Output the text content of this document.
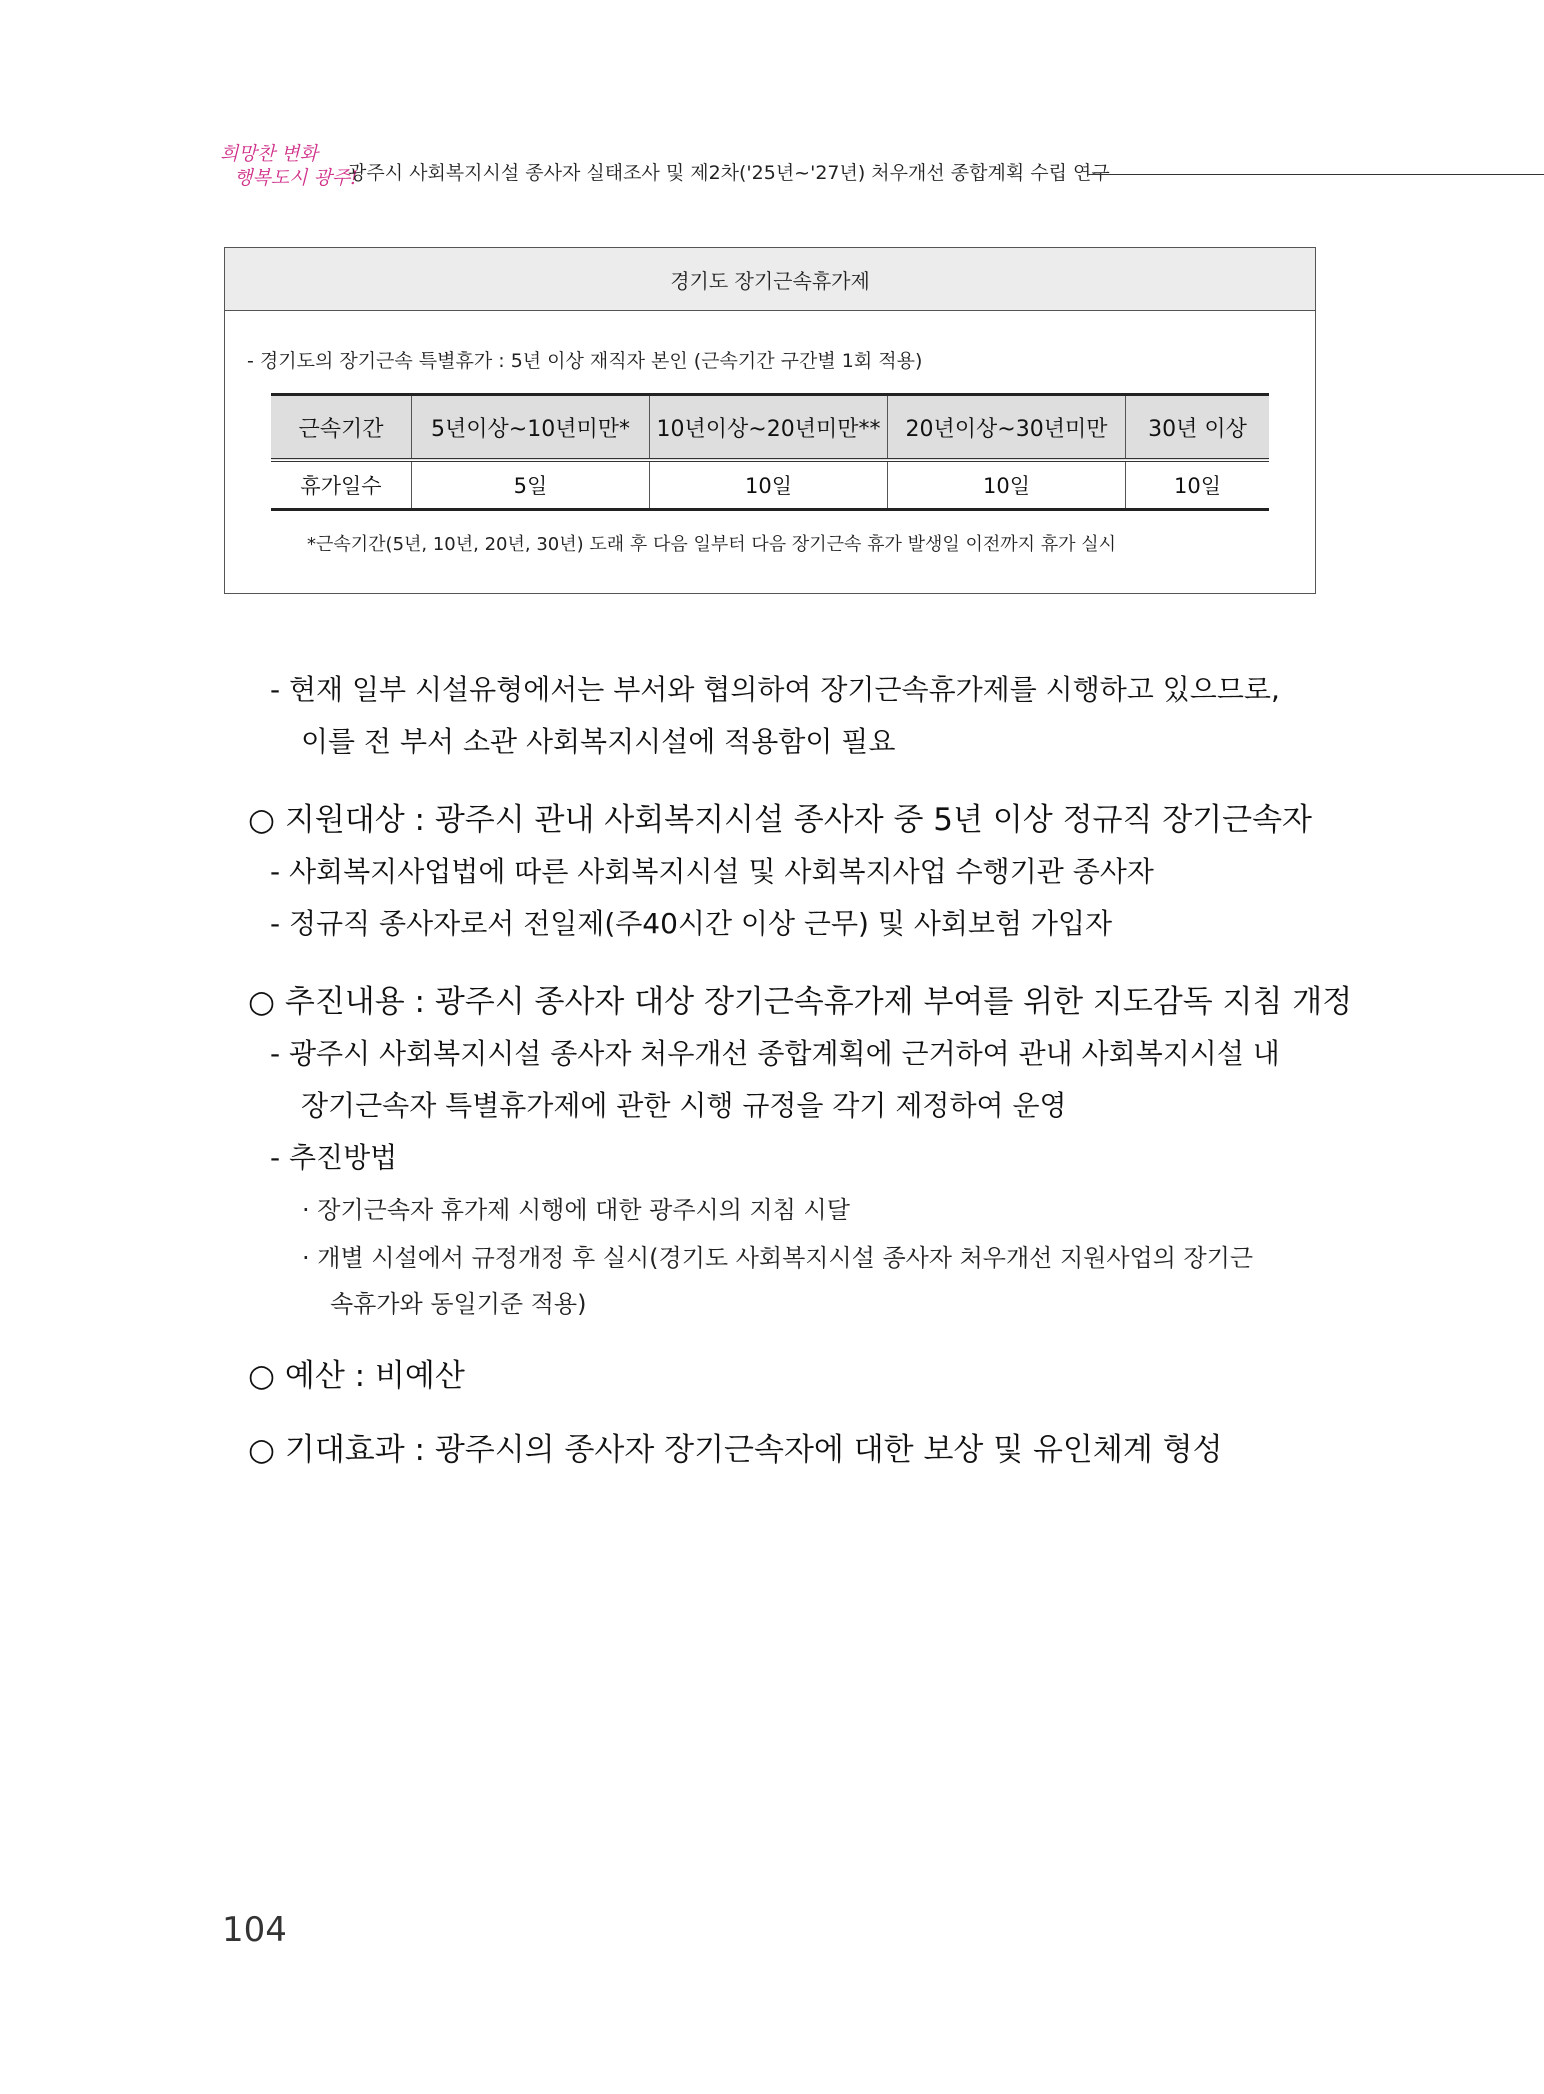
희망찬 변화
행복도시 광주!
광주시 사회복지시설 종사자 실태조사 및 제2차('25년~'27년) 처우개선 종합계획 수립 연구
경기도 장기근속휴가제
- 경기도의 장기근속 특별휴가 : 5년 이상 재직자 본인 (근속기간 구간별 1회 적용)
근속기간	5년이상~10년미만*	10년이상~20년미만**	20년이상~30년미만	30년 이상
휴가일수	5일	10일	10일	10일
*근속기간(5년, 10년, 20년, 30년) 도래 후 다음 일부터 다음 장기근속 휴가 발생일 이전까지 휴가 실시
- 현재 일부 시설유형에서는 부서와 협의하여 장기근속휴가제를 시행하고 있으므로,
이를 전 부서 소관 사회복지시설에 적용함이 필요
○ 지원대상 : 광주시 관내 사회복지시설 종사자 중 5년 이상 정규직 장기근속자
- 사회복지사업법에 따른 사회복지시설 및 사회복지사업 수행기관 종사자
- 정규직 종사자로서 전일제(주40시간 이상 근무) 및 사회보험 가입자
○ 추진내용 : 광주시 종사자 대상 장기근속휴가제 부여를 위한 지도감독 지침 개정
- 광주시 사회복지시설 종사자 처우개선 종합계획에 근거하여 관내 사회복지시설 내
장기근속자 특별휴가제에 관한 시행 규정을 각기 제정하여 운영
- 추진방법
· 장기근속자 휴가제 시행에 대한 광주시의 지침 시달
· 개별 시설에서 규정개정 후 실시(경기도 사회복지시설 종사자 처우개선 지원사업의 장기근
속휴가와 동일기준 적용)
○ 예산 : 비예산
○ 기대효과 : 광주시의 종사자 장기근속자에 대한 보상 및 유인체계 형성
104
